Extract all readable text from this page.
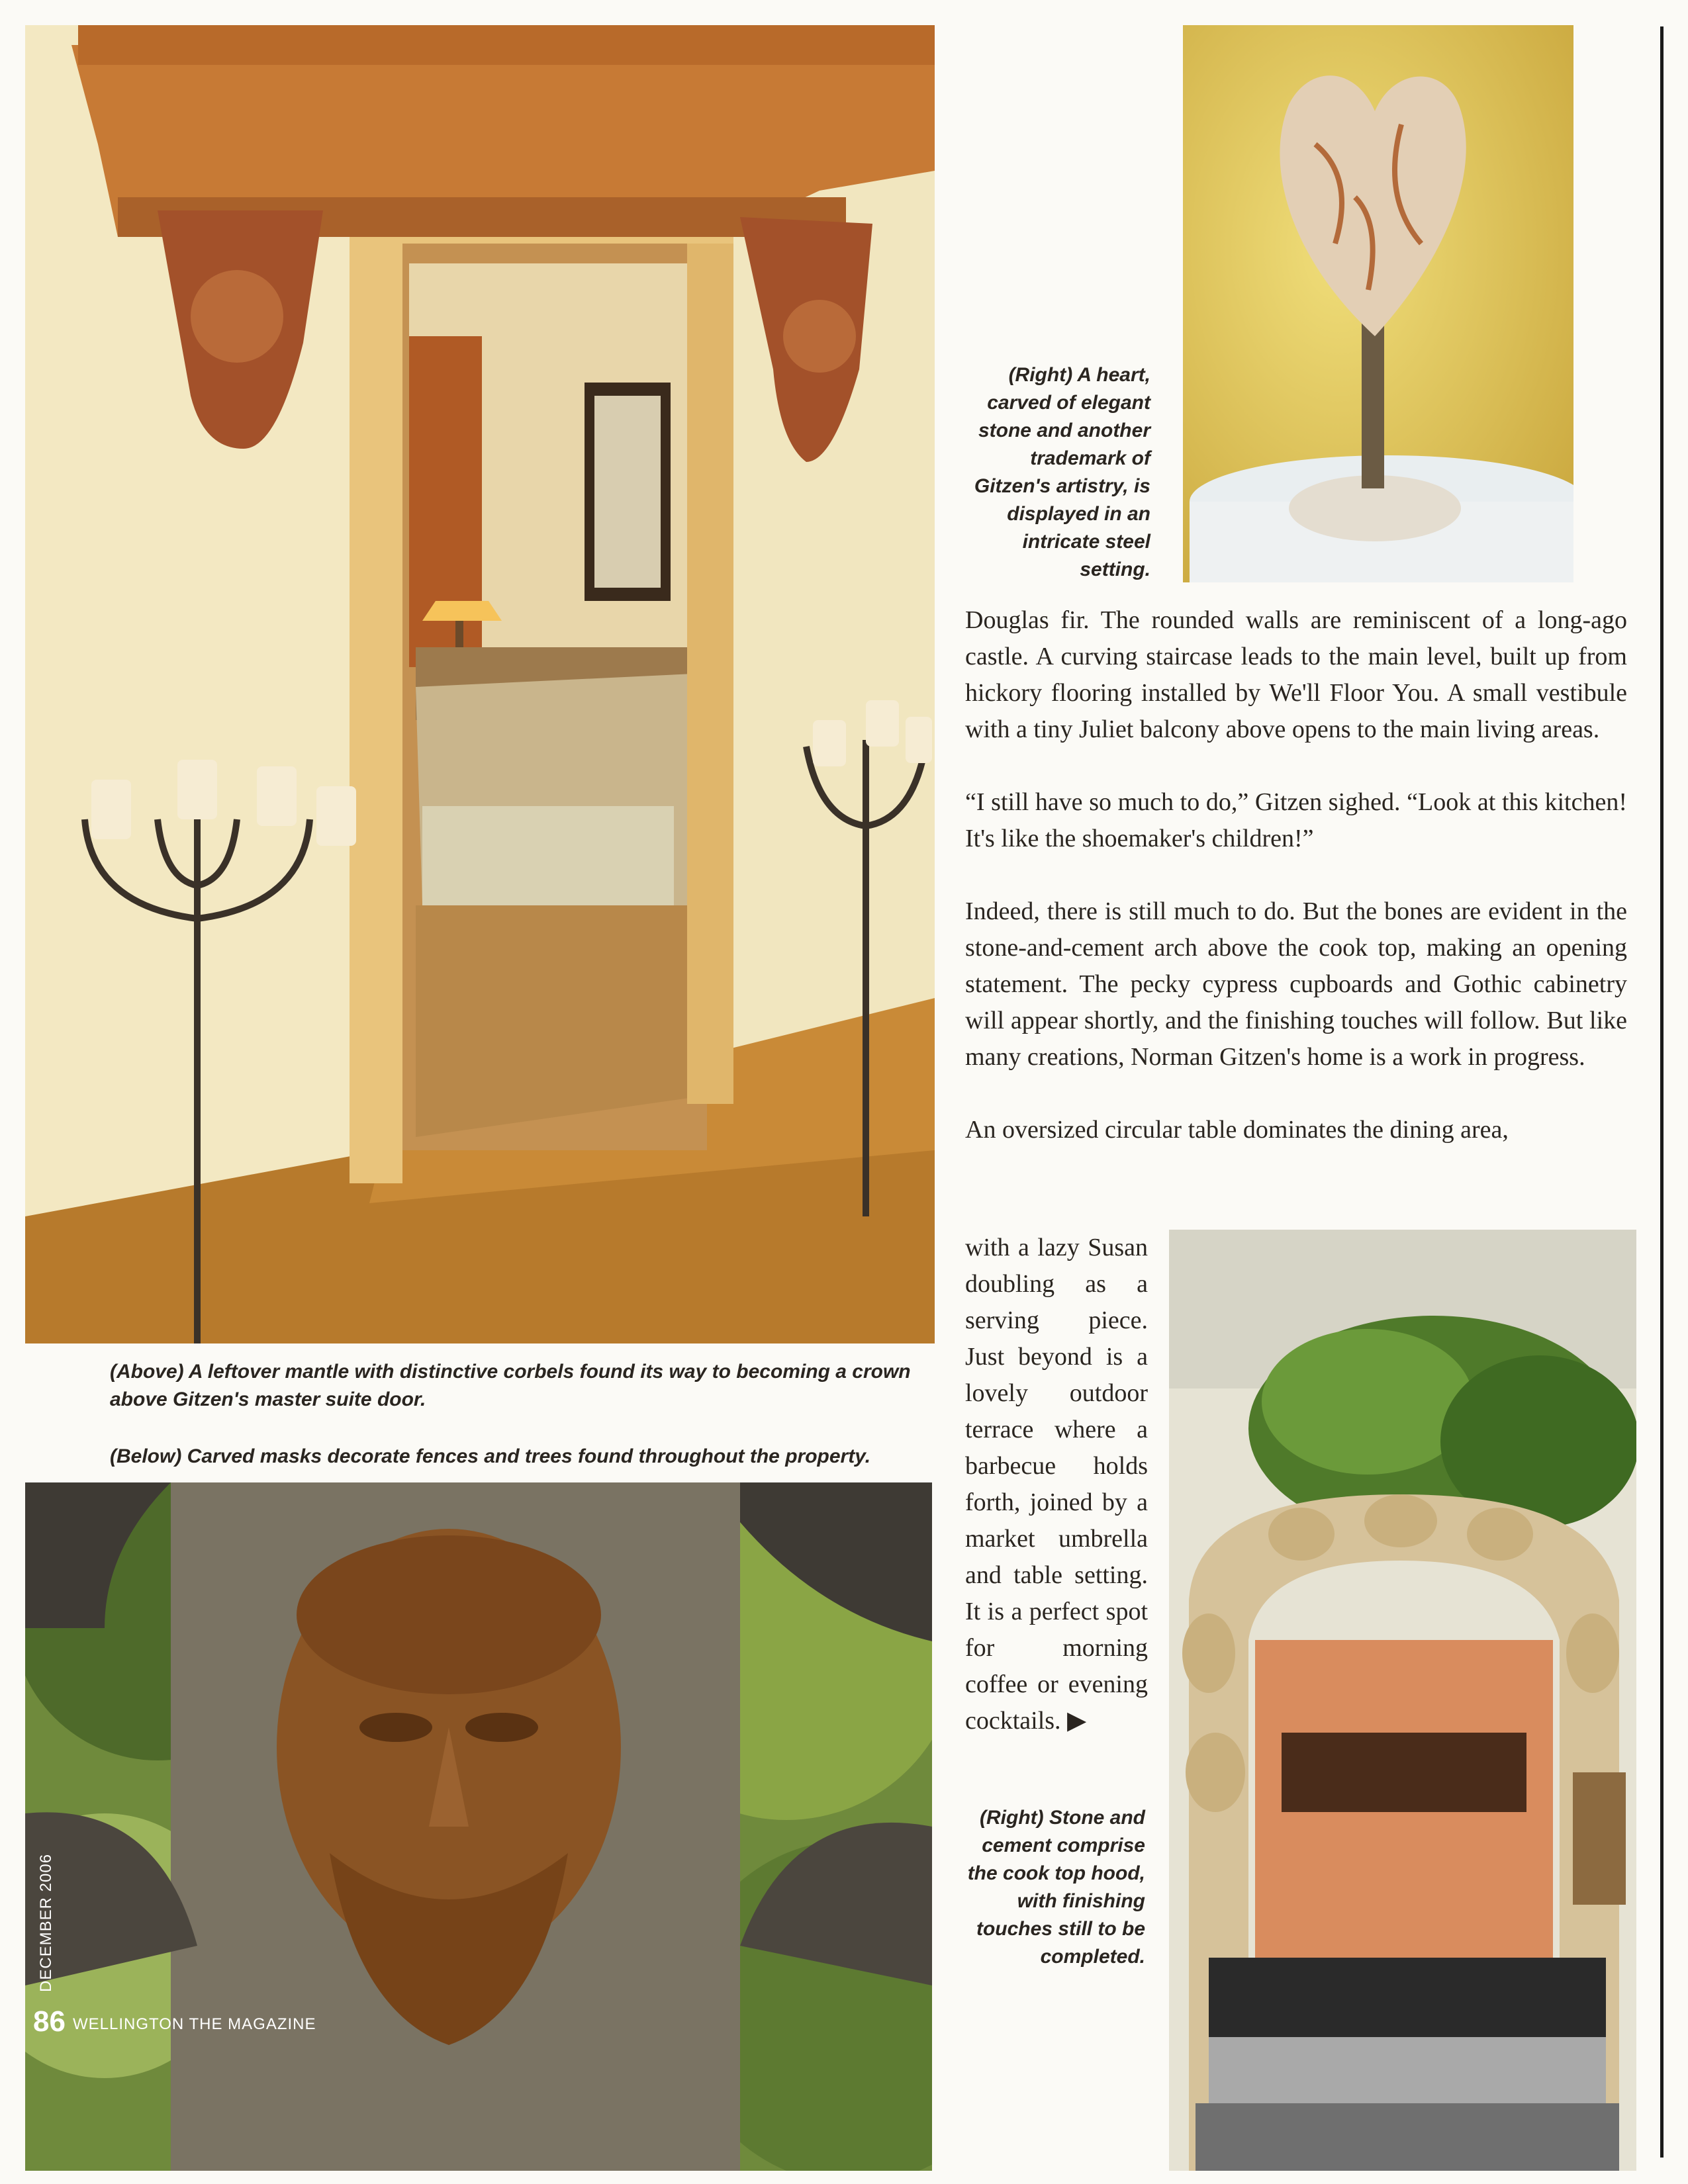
(Right) A heart, carved of elegant stone and another trademark of Gitzen's artistry, is displayed in an intricate steel setting.
(Above) A leftover mantle with distinctive corbels found its way to becoming a crown above Gitzen's master suite door.
(Below) Carved masks decorate fences and trees found throughout the property.
(Right) Stone and cement comprise the cook top hood, with finishing touches still to be completed.

Douglas fir. The rounded walls are reminiscent of a long-ago castle. A curving staircase leads to the main level, built up from hickory flooring installed by We'll Floor You. A small vestibule with a tiny Juliet balcony above opens to the main living areas.

“I still have so much to do,” Gitzen sighed. “Look at this kitchen! It's like the shoemaker's children!”

Indeed, there is still much to do. But the bones are evident in the stone-and-cement arch above the cook top, making an opening statement. The pecky cypress cupboards and Gothic cabinetry will appear shortly, and the finishing touches will follow. But like many creations, Norman Gitzen's home is a work in progress.

An oversized circular table dominates the dining area,
with a lazy Susan doubling as a serving piece. Just beyond is a lovely outdoor terrace where a barbecue holds forth, joined by a market umbrella and table setting. It is a perfect spot for morning coffee or evening cocktails. ▶
86 WELLINGTON THE MAGAZINE
DECEMBER 2006
